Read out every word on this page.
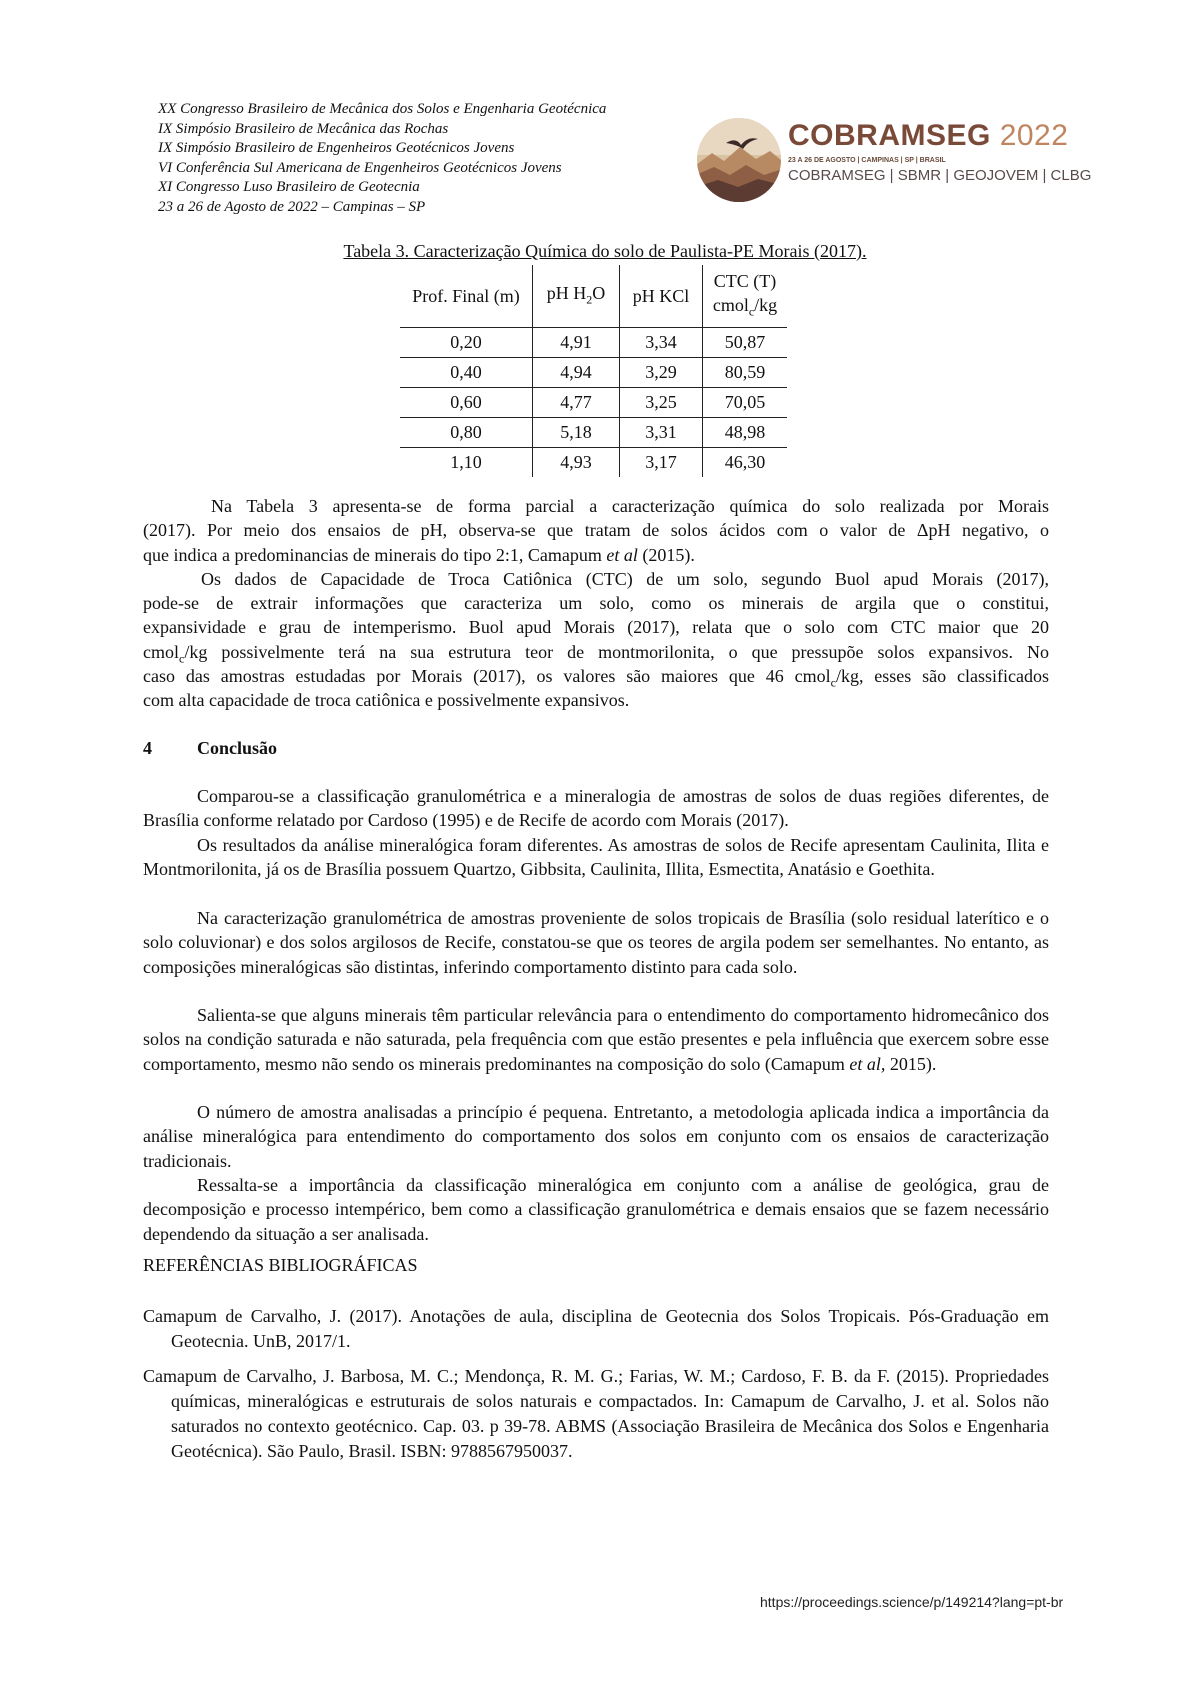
XX Congresso Brasileiro de Mecânica dos Solos e Engenharia Geotécnica
IX Simpósio Brasileiro de Mecânica das Rochas
IX Simpósio Brasileiro de Engenheiros Geotécnicos Jovens
VI Conferência Sul Americana de Engenheiros Geotécnicos Jovens
XI Congresso Luso Brasileiro de Geotecnia
23 a 26 de Agosto de 2022 – Campinas – SP
COBRAMSEG 2022
23 A 26 DE AGOSTO | CAMPINAS | SP | BRASIL
COBRAMSEG | SBMR | GEOJOVEM | CLBG
Tabela 3. Caracterização Química do solo de Paulista-PE Morais (2017).
Prof. Final (m)	pH $H_2O$	pH KCl	CTC (T)
cmol$_c$/kg
0,20	4,91	3,34	50,87
0,40	4,94	3,29	80,59
0,60	4,77	3,25	70,05
0,80	5,18	3,31	48,98
1,10	4,93	3,17	46,30
Na Tabela 3 apresenta-se de forma parcial a caracterização química do solo realizada por Morais
(2017). Por meio dos ensaios de pH, observa-se que tratam de solos ácidos com o valor de ΔpH negativo, o
que indica a predominancias de minerais do tipo 2:1, Camapum et al (2015).
Os dados de Capacidade de Troca Catiônica (CTC) de um solo, segundo Buol apud Morais (2017),
pode-se de extrair informações que caracteriza um solo, como os minerais de argila que o constitui,
expansividade e grau de intemperismo. Buol apud Morais (2017), relata que o solo com CTC maior que 20
cmol$_c$/kg possivelmente terá na sua estrutura teor de montmorilonita, o que pressupõe solos expansivos. No
caso das amostras estudadas por Morais (2017), os valores são maiores que 46 cmol$_c$/kg, esses são classificados
com alta capacidade de troca catiônica e possivelmente expansivos.
4	Conclusão
Comparou-se a classificação granulométrica e a mineralogia de amostras de solos de duas regiões diferentes, de Brasília conforme relatado por Cardoso (1995) e de Recife de acordo com Morais (2017).
Os resultados da análise mineralógica foram diferentes. As amostras de solos de Recife apresentam Caulinita, Ilita e Montmorilonita, já os de Brasília possuem Quartzo, Gibbsita, Caulinita, Illita, Esmectita, Anatásio e Goethita.
Na caracterização granulométrica de amostras proveniente de solos tropicais de Brasília (solo residual laterítico e o solo coluvionar) e dos solos argilosos de Recife, constatou-se que os teores de argila podem ser semelhantes. No entanto, as composições mineralógicas são distintas, inferindo comportamento distinto para cada solo.
Salienta-se que alguns minerais têm particular relevância para o entendimento do comportamento hidromecânico dos solos na condição saturada e não saturada, pela frequência com que estão presentes e pela influência que exercem sobre esse comportamento, mesmo não sendo os minerais predominantes na composição do solo (Camapum et al, 2015).
O número de amostra analisadas a princípio é pequena. Entretanto, a metodologia aplicada indica a importância da análise mineralógica para entendimento do comportamento dos solos em conjunto com os ensaios de caracterização tradicionais.
Ressalta-se a importância da classificação mineralógica em conjunto com a análise de geológica, grau de decomposição e processo intempérico, bem como a classificação granulométrica e demais ensaios que se fazem necessário dependendo da situação a ser analisada.
REFERÊNCIAS BIBLIOGRÁFICAS
Camapum de Carvalho, J. (2017). Anotações de aula, disciplina de Geotecnia dos Solos Tropicais. Pós-Graduação em Geotecnia. UnB, 2017/1.
Camapum de Carvalho, J. Barbosa, M. C.; Mendonça, R. M. G.; Farias, W. M.; Cardoso, F. B. da F. (2015). Propriedades químicas, mineralógicas e estruturais de solos naturais e compactados. In: Camapum de Carvalho, J. et al. Solos não saturados no contexto geotécnico. Cap. 03. p 39-78. ABMS (Associação Brasileira de Mecânica dos Solos e Engenharia Geotécnica). São Paulo, Brasil. ISBN: 9788567950037.
https://proceedings.science/p/149214?lang=pt-br
